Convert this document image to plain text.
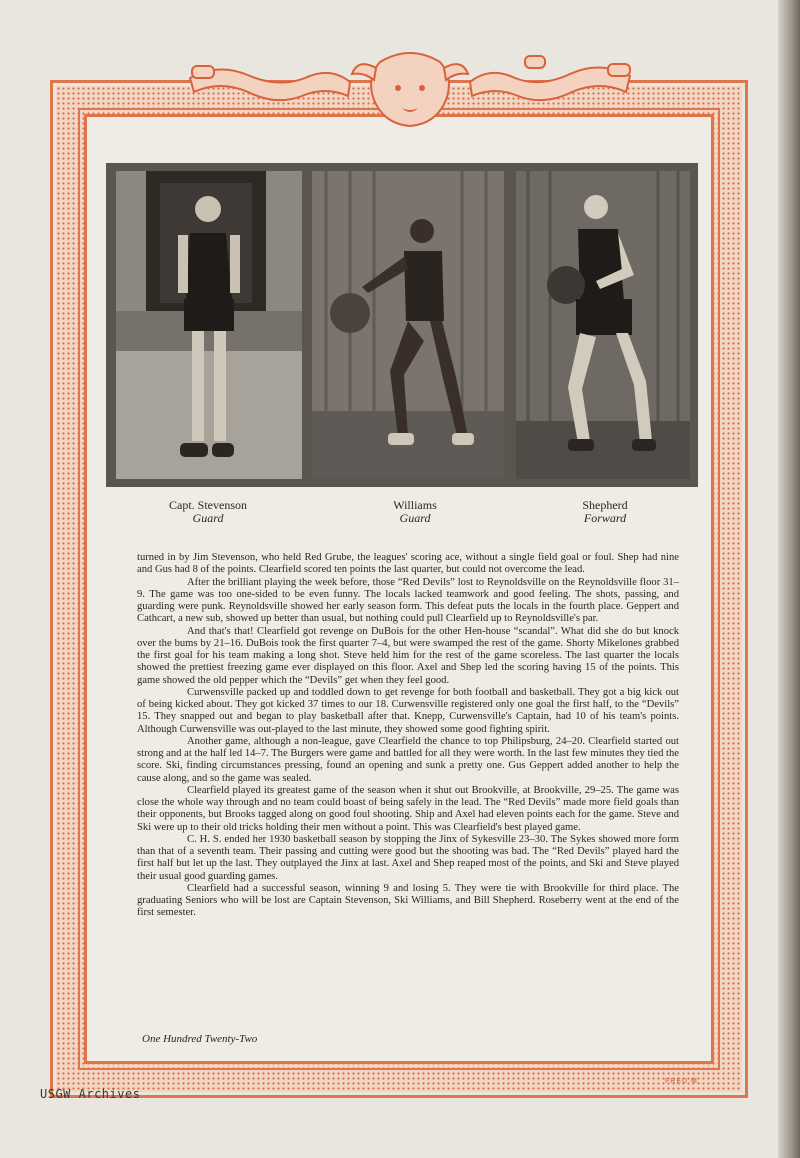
Capt. Stevenson
Guard
Williams
Guard
Shepherd
Forward

turned in by Jim Stevenson, who held Red Grube, the leagues' scoring ace, without a single field goal or foul. Shep had nine and Gus had 8 of the points. Clearfield scored ten points the last quarter, but could not overcome the lead.

After the brilliant playing the week before, those “Red Devils” lost to Reynoldsville on the Reynoldsville floor 31–9. The game was too one-sided to be even funny. The locals lacked teamwork and good feeling. The shots, passing, and guarding were punk. Reynoldsville showed her early season form. This defeat puts the locals in the fourth place. Geppert and Cathcart, a new sub, showed up better than usual, but nothing could pull Clearfield up to Reynoldsville's par.

And that's that! Clearfield got revenge on DuBois for the other Hen-house “scandal”. What did she do but knock over the bums by 21–16. DuBois took the first quarter 7–4, but were swamped the rest of the game. Shorty Mikelones grabbed the first goal for his team making a long shot. Steve held him for the rest of the game scoreless. The last quarter the locals showed the prettiest freezing game ever displayed on this floor. Axel and Shep led the scoring having 15 of the points. This game showed the old pepper which the “Devils” get when they feel good.

Curwensville packed up and toddled down to get revenge for both football and basketball. They got a big kick out of being kicked about. They got kicked 37 times to our 18. Curwensville registered only one goal the first half, to the “Devils” 15. They snapped out and began to play basketball after that. Knepp, Curwensville's Captain, had 10 of his team's points. Although Curwensville was out-played to the last minute, they showed some good fighting spirit.

Another game, although a non-league, gave Clearfield the chance to top Philipsburg, 24–20. Clearfield started out strong and at the half led 14–7. The Burgers were game and battled for all they were worth. In the last few minutes they tied the score. Ski, finding circumstances pressing, found an opening and sunk a pretty one. Gus Geppert added another to help the cause along, and so the game was sealed.

Clearfield played its greatest game of the season when it shut out Brookville, at Brookville, 29–25. The game was close the whole way through and no team could boast of being safely in the lead. The “Red Devils” made more field goals than their opponents, but Brooks tagged along on good foul shooting. Ship and Axel had eleven points each for the game. Steve and Ski were up to their old tricks holding their men without a point. This was Clearfield's best played game.

C. H. S. ended her 1930 basketball season by stopping the Jinx of Sykesville 23–30. The Sykes showed more form than that of a seventh team. Their passing and cutting were good but the shooting was bad. The “Red Devils” played hard the first half but let up the last. They outplayed the Jinx at last. Axel and Shep reaped most of the points, and Ski and Steve played their usual good guarding games.

Clearfield had a successful season, winning 9 and losing 5. They were tie with Brookville for third place. The graduating Seniors who will be lost are Captain Stevenson, Ski Williams, and Bill Shepherd. Roseberry went at the end of the first semester.

One Hundred Twenty-Two
FRED M.
USGW Archives
